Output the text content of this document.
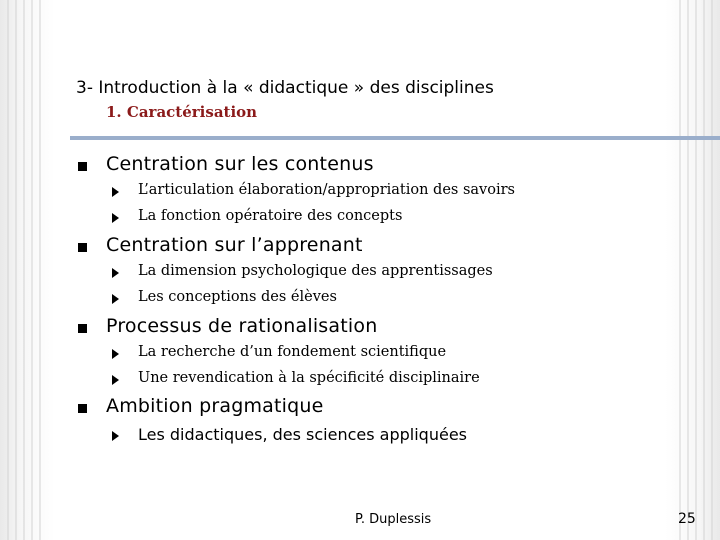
3- Introduction à la « didactique » des disciplines
1. Caractérisation
Centration sur les contenus
L’articulation élaboration/appropriation des savoirs
La fonction opératoire des concepts
Centration sur l’apprenant
La dimension psychologique des apprentissages
Les conceptions des élèves
Processus de rationalisation
La recherche d’un fondement scientifique
Une revendication à la spécificité disciplinaire
Ambition pragmatique
Les didactiques, des sciences appliquées
P. Duplessis	25
